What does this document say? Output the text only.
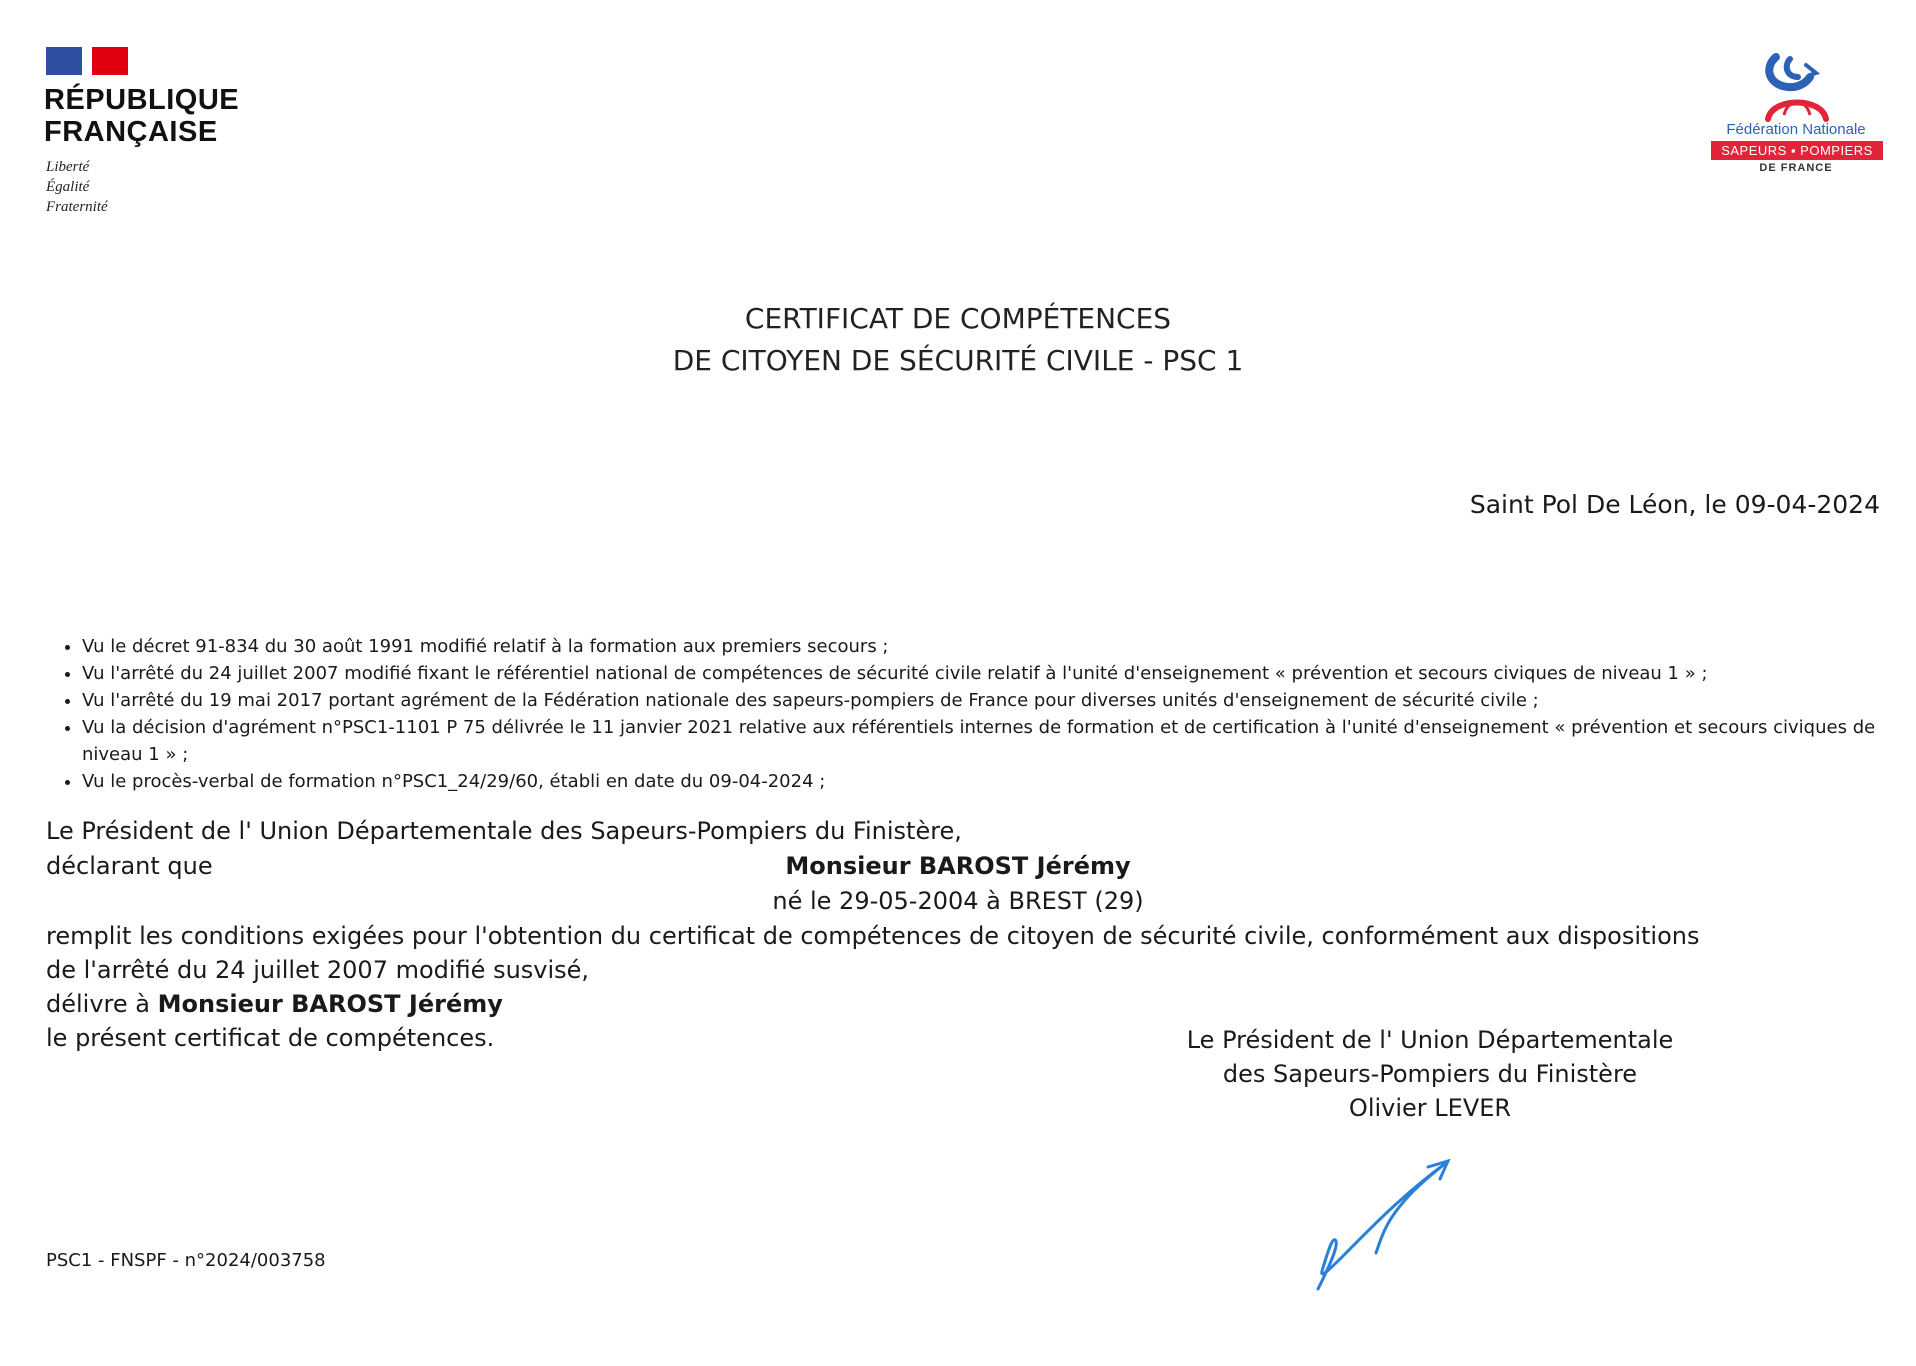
RÉPUBLIQUE
FRANÇAISE
Liberté
Égalité
Fraternité
Fédération Nationale
SAPEURS ▪ POMPIERS
DE FRANCE
CERTIFICAT DE COMPÉTENCES
DE CITOYEN DE SÉCURITÉ CIVILE - PSC 1
Saint Pol De Léon, le 09-04-2024
• Vu le décret 91-834 du 30 août 1991 modifié relatif à la formation aux premiers secours ;
• Vu l'arrêté du 24 juillet 2007 modifié fixant le référentiel national de compétences de sécurité civile relatif à l'unité d'enseignement « prévention et secours civiques de niveau 1 » ;
• Vu l'arrêté du 19 mai 2017 portant agrément de la Fédération nationale des sapeurs-pompiers de France pour diverses unités d'enseignement de sécurité civile ;
• Vu la décision d'agrément n°PSC1-1101 P 75 délivrée le 11 janvier 2021 relative aux référentiels internes de formation et de certification à l'unité d'enseignement « prévention et secours civiques de niveau 1 » ;
• Vu le procès-verbal de formation n°PSC1_24/29/60, établi en date du 09-04-2024 ;
Le Président de l' Union Départementale des Sapeurs-Pompiers du Finistère,
déclarant que	Monsieur BAROST Jérémy
né le 29-05-2004 à BREST (29)
remplit les conditions exigées pour l'obtention du certificat de compétences de citoyen de sécurité civile, conformément aux dispositions
de l'arrêté du 24 juillet 2007 modifié susvisé,
délivre à Monsieur BAROST Jérémy
le présent certificat de compétences.	Le Président de l' Union Départementale
des Sapeurs-Pompiers du Finistère
Olivier LEVER
PSC1 - FNSPF - n°2024/003758
